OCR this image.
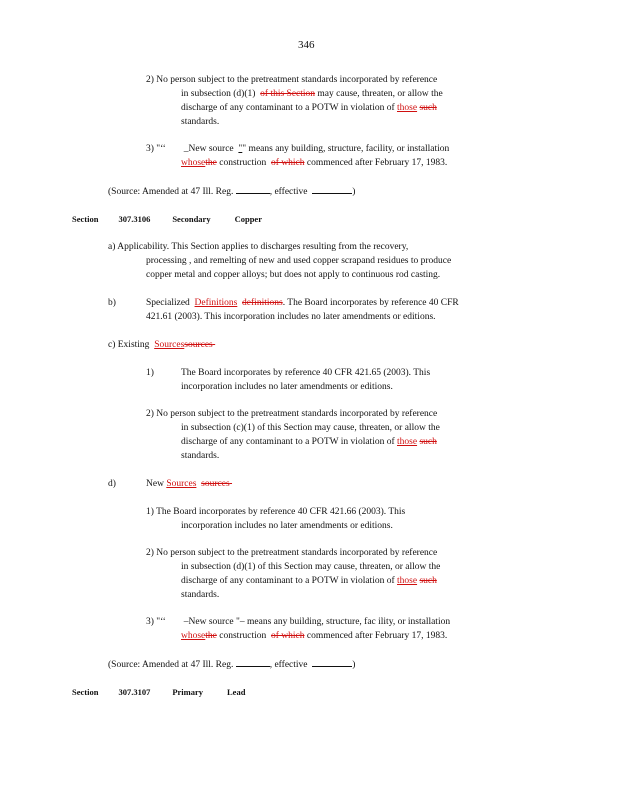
346
2) No person subject to the pretreatment standards incorporated by reference
in subsection (d)(1) of this Section may cause, threaten, or allow the
discharge of any contaminant to a POTW in violation of those such
standards.
3) "‘‘ _New source "" means any building, structure, facility, or installation
whosethe construction of which commenced after February 17, 1983.
(Source: Amended at 47 Ill. Reg.	, effective	)
Section 307.3106	Secondary	Copper
a) Applicability. This Section applies to discharges resulting from the recovery,
processing , and remelting of new and used copper scrapand residues to produce
copper metal and copper alloys; but does not apply to continuous rod casting.
b)	Specialized Definitions definitions. The Board incorporates by reference 40 CFR
421.61 (2003). This incorporation includes no later amendments or editions.
c) Existing Sourcessources
1)	The Board incorporates by reference 40 CFR 421.65 (2003). This
incorporation includes no later amendments or editions.
2) No person subject to the pretreatment standards incorporated by reference
in subsection (c)(1) of this Section may cause, threaten, or allow the
discharge of any contaminant to a POTW in violation of those such
standards.
d)	New Sources sources
1) The Board incorporates by reference 40 CFR 421.66 (2003). This
incorporation includes no later amendments or editions.
2) No person subject to the pretreatment standards incorporated by reference
in subsection (d)(1) of this Section may cause, threaten, or allow the
discharge of any contaminant to a POTW in violation of those such
standards.
3) "‘‘ –New source "– means any building, structure, fac ility, or installation
whosethe construction of which commenced after February 17, 1983.
(Source: Amended at 47 Ill. Reg.	, effective	)
Section 307.3107	Primary	Lead
